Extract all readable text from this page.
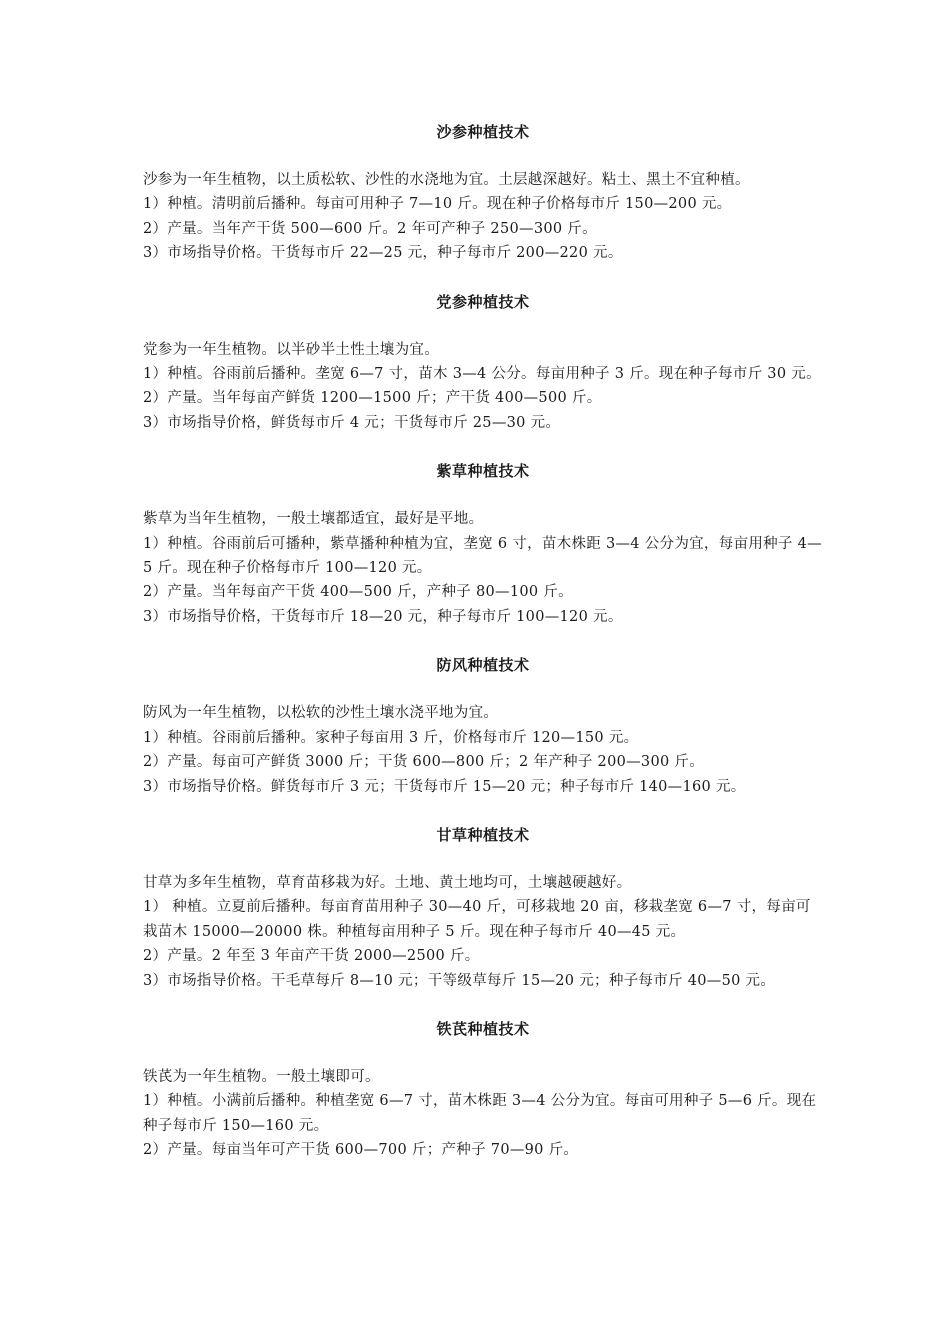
沙参种植技术

沙参为一年生植物，以土质松软、沙性的水浇地为宜。土层越深越好。粘土、黑土不宜种植。

1）种植。清明前后播种。每亩可用种子 7—10 斤。现在种子价格每市斤 150—200 元。

2）产量。当年产干货 500—600 斤。2 年可产种子 250—300 斤。

3）市场指导价格。干货每市斤 22—25 元，种子每市斤 200—220 元。

党参种植技术

党参为一年生植物。以半砂半土性土壤为宜。

1）种植。谷雨前后播种。垄宽 6—7 寸，苗木 3—4 公分。每亩用种子 3 斤。现在种子每市斤 30 元。

2）产量。当年每亩产鲜货 1200—1500 斤；产干货 400—500 斤。

3）市场指导价格，鲜货每市斤 4 元；干货每市斤 25—30 元。

紫草种植技术

紫草为当年生植物，一般土壤都适宜，最好是平地。

1）种植。谷雨前后可播种，紫草播种种植为宜，垄宽 6 寸，苗木株距 3—4 公分为宜，每亩用种子 4—5 斤。现在种子价格每市斤 100—120 元。

2）产量。当年每亩产干货 400—500 斤，产种子 80—100 斤。

3）市场指导价格，干货每市斤 18—20 元，种子每市斤 100—120 元。

防风种植技术

防风为一年生植物，以松软的沙性土壤水浇平地为宜。

1）种植。谷雨前后播种。家种子每亩用 3 斤，价格每市斤 120—150 元。

2）产量。每亩可产鲜货 3000 斤；干货 600—800 斤；2 年产种子 200—300 斤。

3）市场指导价格。鲜货每市斤 3 元；干货每市斤 15—20 元；种子每市斤 140—160 元。

甘草种植技术

甘草为多年生植物，草育苗移栽为好。土地、黄土地均可，土壤越硬越好。

1） 种植。立夏前后播种。每亩育苗用种子 30—40 斤，可移栽地 20 亩，移栽垄宽 6—7 寸，每亩可栽苗木 15000—20000 株。种植每亩用种子 5 斤。现在种子每市斤 40—45 元。

2）产量。2 年至 3 年亩产干货 2000—2500 斤。

3）市场指导价格。干毛草每斤 8—10 元；干等级草每斤 15—20 元；种子每市斤 40—50 元。

铁芪种植技术

铁芪为一年生植物。一般土壤即可。

1）种植。小满前后播种。种植垄宽 6—7 寸，苗木株距 3—4 公分为宜。每亩可用种子 5—6 斤。现在种子每市斤 150—160 元。

2）产量。每亩当年可产干货 600—700 斤；产种子 70—90 斤。
